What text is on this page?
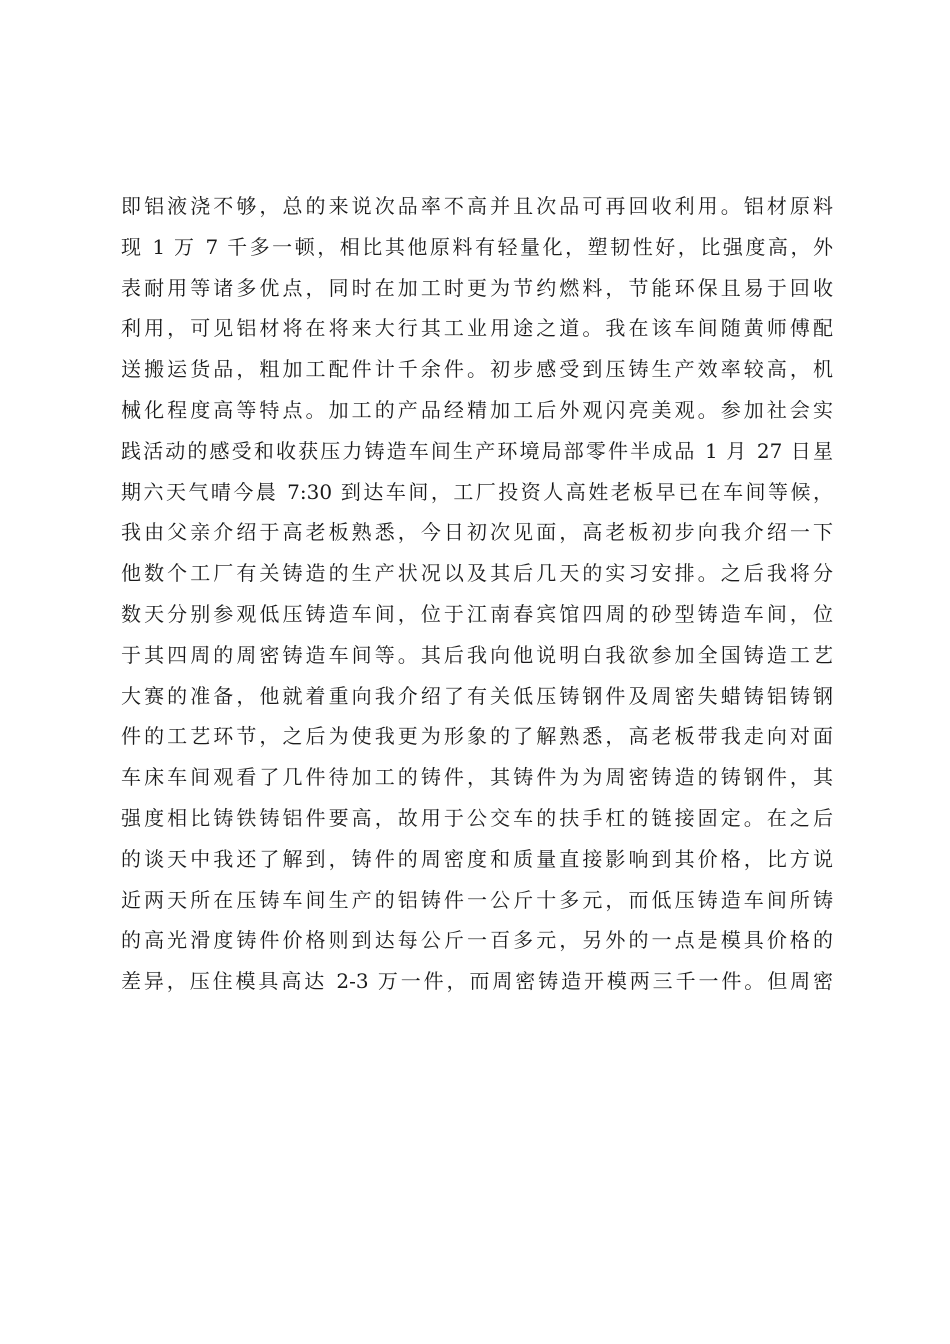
即铝液浇不够，总的来说次品率不高并且次品可再回收利用。铝材原料
现 1 万 7 千多一顿，相比其他原料有轻量化，塑韧性好，比强度高，外
表耐用等诸多优点，同时在加工时更为节约燃料，节能环保且易于回收
利用，可见铝材将在将来大行其工业用途之道。我在该车间随黄师傅配
送搬运货品，粗加工配件计千余件。初步感受到压铸生产效率较高，机
械化程度高等特点。加工的产品经精加工后外观闪亮美观。参加社会实
践活动的感受和收获压力铸造车间生产环境局部零件半成品 1 月 27 日星
期六天气晴今晨 7:30 到达车间，工厂投资人高姓老板早已在车间等候，
我由父亲介绍于高老板熟悉，今日初次见面，高老板初步向我介绍一下
他数个工厂有关铸造的生产状况以及其后几天的实习安排。之后我将分
数天分别参观低压铸造车间，位于江南春宾馆四周的砂型铸造车间，位
于其四周的周密铸造车间等。其后我向他说明白我欲参加全国铸造工艺
大赛的准备，他就着重向我介绍了有关低压铸钢件及周密失蜡铸铝铸钢
件的工艺环节，之后为使我更为形象的了解熟悉，高老板带我走向对面
车床车间观看了几件待加工的铸件，其铸件为为周密铸造的铸钢件，其
强度相比铸铁铸铝件要高，故用于公交车的扶手杠的链接固定。在之后
的谈天中我还了解到，铸件的周密度和质量直接影响到其价格，比方说
近两天所在压铸车间生产的铝铸件一公斤十多元，而低压铸造车间所铸
的高光滑度铸件价格则到达每公斤一百多元，另外的一点是模具价格的
差异，压住模具高达 2-3 万一件，而周密铸造开模两三千一件。但周密
